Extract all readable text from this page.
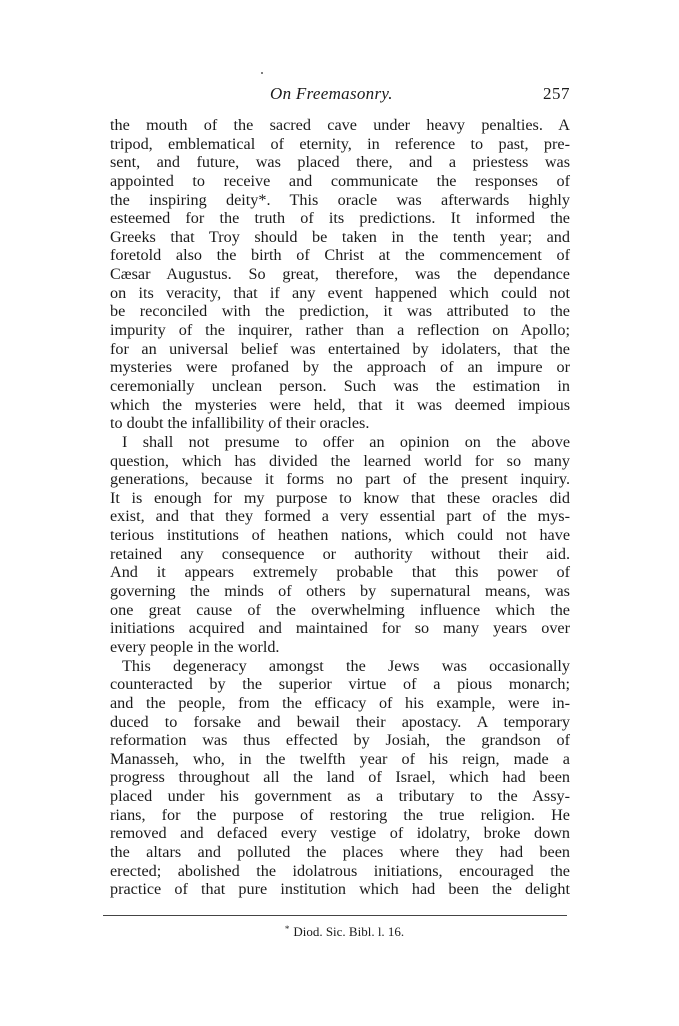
On Freemasonry.	257
the mouth of the sacred cave under heavy penalties. A
tripod, emblematical of eternity, in reference to past, pre-
sent, and future, was placed there, and a priestess was
appointed to receive and communicate the responses of
the inspiring deity*. This oracle was afterwards highly
esteemed for the truth of its predictions. It informed the
Greeks that Troy should be taken in the tenth year; and
foretold also the birth of Christ at the commencement of
Cæsar Augustus. So great, therefore, was the dependance
on its veracity, that if any event happened which could not
be reconciled with the prediction, it was attributed to the
impurity of the inquirer, rather than a reflection on Apollo;
for an universal belief was entertained by idolaters, that the
mysteries were profaned by the approach of an impure or
ceremonially unclean person. Such was the estimation in
which the mysteries were held, that it was deemed impious
to doubt the infallibility of their oracles.
I shall not presume to offer an opinion on the above
question, which has divided the learned world for so many
generations, because it forms no part of the present inquiry.
It is enough for my purpose to know that these oracles did
exist, and that they formed a very essential part of the mys-
terious institutions of heathen nations, which could not have
retained any consequence or authority without their aid.
And it appears extremely probable that this power of
governing the minds of others by supernatural means, was
one great cause of the overwhelming influence which the
initiations acquired and maintained for so many years over
every people in the world.
This degeneracy amongst the Jews was occasionally
counteracted by the superior virtue of a pious monarch;
and the people, from the efficacy of his example, were in-
duced to forsake and bewail their apostacy. A temporary
reformation was thus effected by Josiah, the grandson of
Manasseh, who, in the twelfth year of his reign, made a
progress throughout all the land of Israel, which had been
placed under his government as a tributary to the Assy-
rians, for the purpose of restoring the true religion. He
removed and defaced every vestige of idolatry, broke down
the altars and polluted the places where they had been
erected; abolished the idolatrous initiations, encouraged the
practice of that pure institution which had been the delight
* Diod. Sic. Bibl. l. 16.
